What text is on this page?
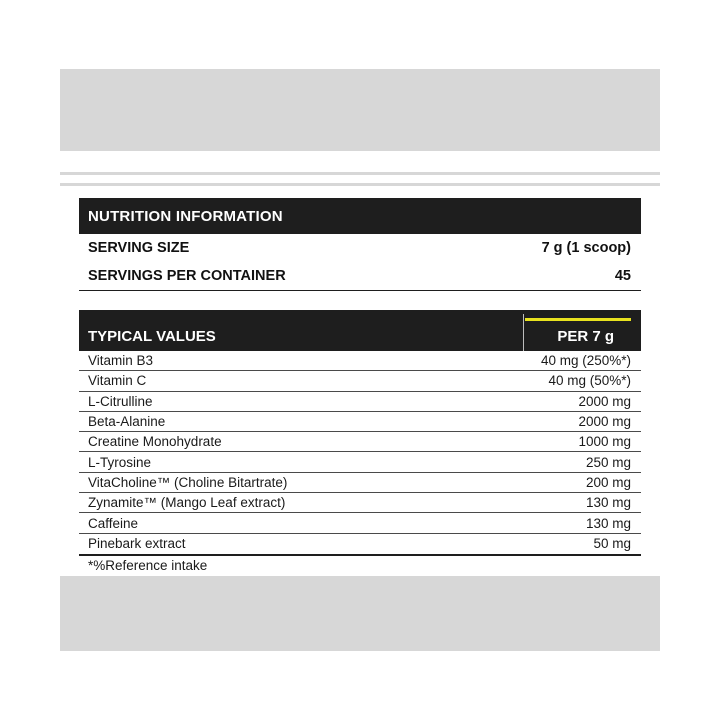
NUTRITION INFORMATION
SERVING SIZE	7 g (1 scoop)
SERVINGS PER CONTAINER	45
TYPICAL VALUES	PER 7 g
Vitamin B3	40 mg (250%*)
Vitamin C	40 mg (50%*)
L-Citrulline	2000 mg
Beta-Alanine	2000 mg
Creatine Monohydrate	1000 mg
L-Tyrosine	250 mg
VitaCholine™ (Choline Bitartrate)	200 mg
Zynamite™ (Mango Leaf extract)	130 mg
Caffeine	130 mg
Pinebark extract	50 mg
*%Reference intake
